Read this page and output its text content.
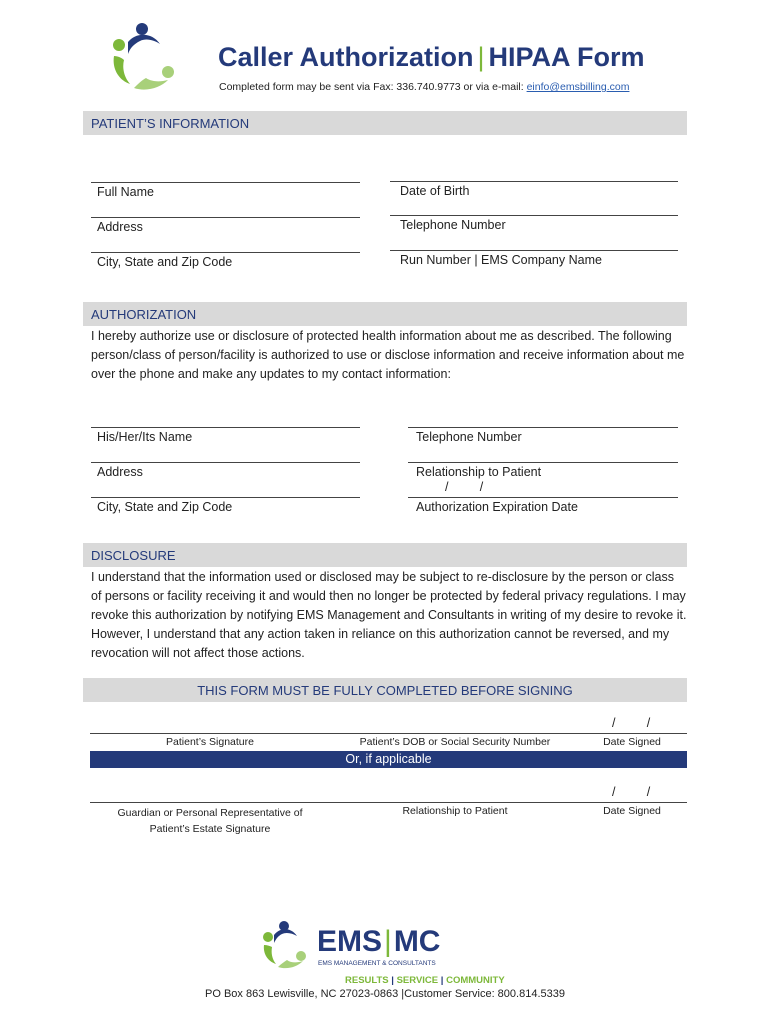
Caller Authorization | HIPAA Form
Completed form may be sent via Fax: 336.740.9773 or via e-mail: einfo@emsbilling.com
PATIENT’S INFORMATION
Full Name	Date of Birth
Address	Telephone Number
City, State and Zip Code	Run Number | EMS Company Name
AUTHORIZATION
I hereby authorize use or disclosure of protected health information about me as described. The following person/class of person/facility is authorized to use or disclose information and receive information about me over the phone and make any updates to my contact information:
His/Her/Its Name	Telephone Number
Address	Relationship to Patient
/         /
City, State and Zip Code	Authorization Expiration Date
DISCLOSURE
I understand that the information used or disclosed may be subject to re-disclosure by the person or class of persons or facility receiving it and would then no longer be protected by federal privacy regulations. I may revoke this authorization by notifying EMS Management and Consultants in writing of my desire to revoke it. However, I understand that any action taken in reliance on this authorization cannot be reversed, and my revocation will not affect those actions.
THIS FORM MUST BE FULLY COMPLETED BEFORE SIGNING
/         /
Patient’s Signature	Patient’s DOB or Social Security Number	Date Signed
Or, if applicable
/         /
Guardian or Personal Representative of
Patient’s Estate Signature
Relationship to Patient	Date Signed
EMS|MC
EMS MANAGEMENT & CONSULTANTS
RESULTS | SERVICE | COMMUNITY
PO Box 863 Lewisville, NC 27023-0863 |Customer Service: 800.814.5339
